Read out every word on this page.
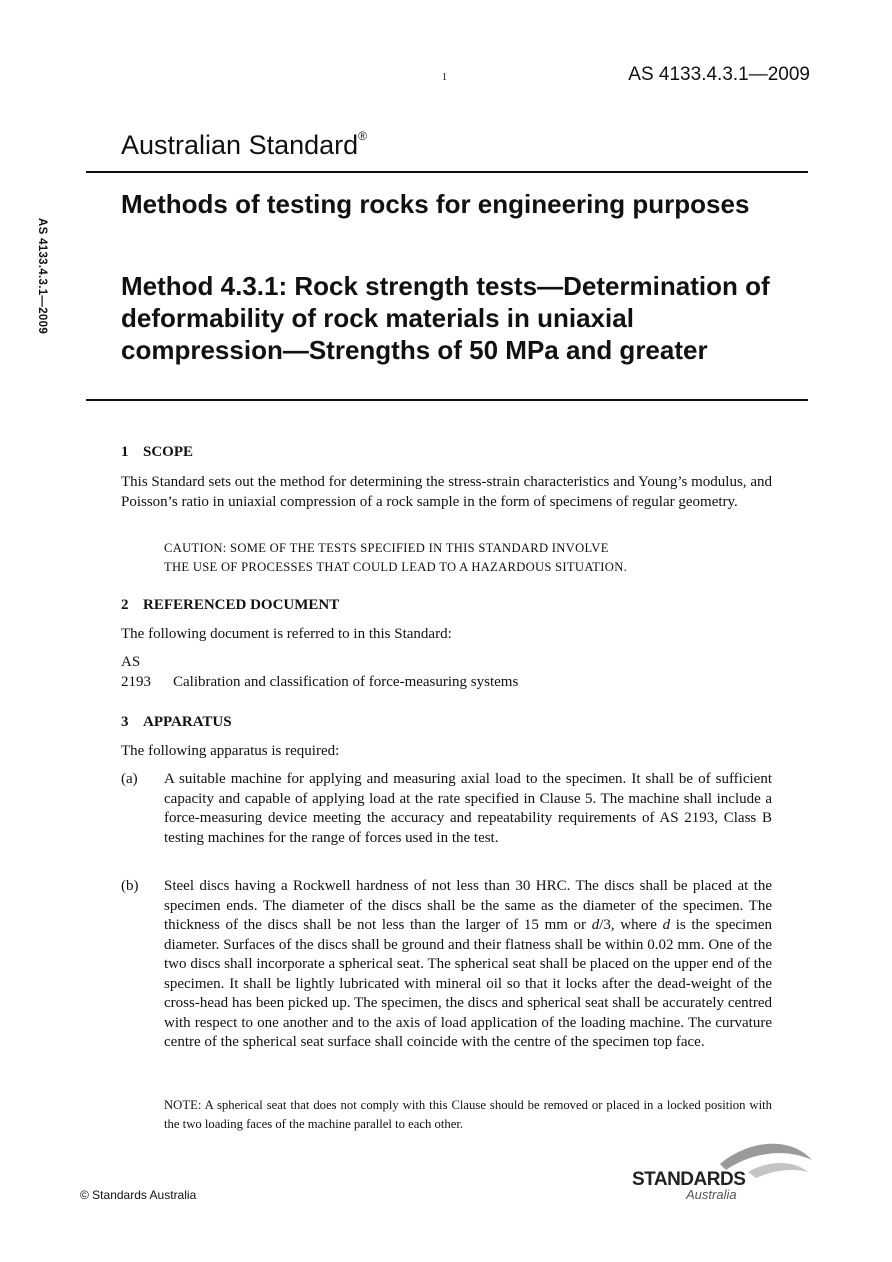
1	AS 4133.4.3.1—2009
Australian Standard®
AS 4133.4.3.1—2009
Methods of testing rocks for engineering purposes
Method 4.3.1: Rock strength tests—Determination of deformability of rock materials in uniaxial compression—Strengths of 50 MPa and greater
1 SCOPE
This Standard sets out the method for determining the stress-strain characteristics and Young’s modulus, and Poisson’s ratio in uniaxial compression of a rock sample in the form of specimens of regular geometry.
CAUTION: SOME OF THE TESTS SPECIFIED IN THIS STANDARD INVOLVE
THE USE OF PROCESSES THAT COULD LEAD TO A HAZARDOUS SITUATION.
2 REFERENCED DOCUMENT
The following document is referred to in this Standard:
AS
2193 Calibration and classification of force-measuring systems
3 APPARATUS
The following apparatus is required:
(a) A suitable machine for applying and measuring axial load to the specimen. It shall be of sufficient capacity and capable of applying load at the rate specified in Clause 5. The machine shall include a force-measuring device meeting the accuracy and repeatability requirements of AS 2193, Class B testing machines for the range of forces used in the test.
(b) Steel discs having a Rockwell hardness of not less than 30 HRC. The discs shall be placed at the specimen ends. The diameter of the discs shall be the same as the diameter of the specimen. The thickness of the discs shall be not less than the larger of 15 mm or d/3, where d is the specimen diameter. Surfaces of the discs shall be ground and their flatness shall be within 0.02 mm. One of the two discs shall incorporate a spherical seat. The spherical seat shall be placed on the upper end of the specimen. It shall be lightly lubricated with mineral oil so that it locks after the dead-weight of the cross-head has been picked up. The specimen, the discs and spherical seat shall be accurately centred with respect to one another and to the axis of load application of the loading machine. The curvature centre of the spherical seat surface shall coincide with the centre of the specimen top face.
NOTE: A spherical seat that does not comply with this Clause should be removed or placed in a locked position with the two loading faces of the machine parallel to each other.
© Standards Australia
STANDARDS
Australia
